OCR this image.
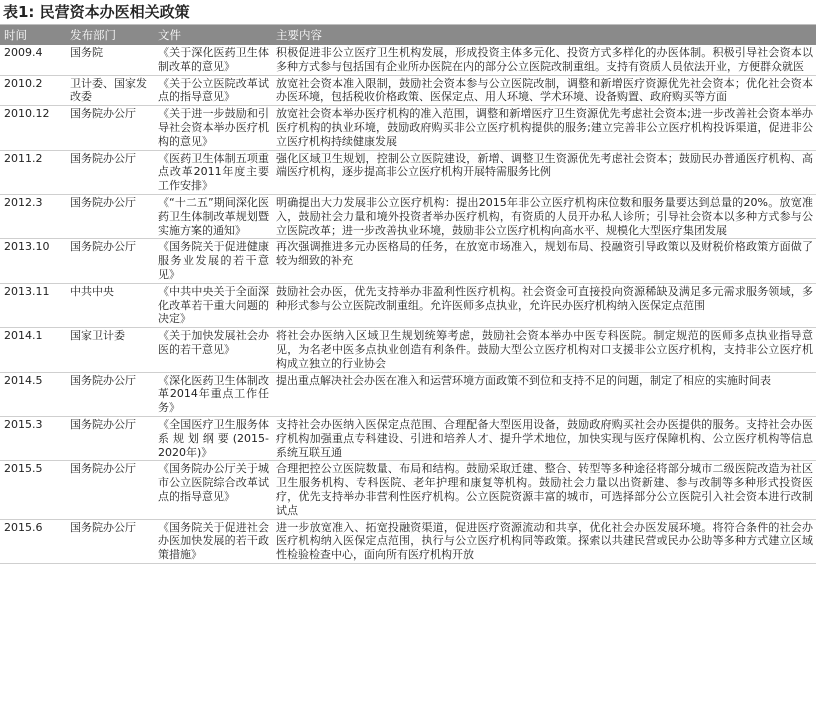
表1: 民营资本办医相关政策
时间	发布部门	文件	主要内容
2009.4	国务院	《关于深化医药卫生体制改革的意见》	积极促进非公立医疗卫生机构发展，形成投资主体多元化、投资方式多样化的办医体制。积极引导社会资本以多种方式参与包括国有企业所办医院在内的部分公立医院改制重组。支持有资质人员依法开业，方便群众就医
2010.2	卫计委、国家发改委	《关于公立医院改革试点的指导意见》	放宽社会资本准入限制，鼓励社会资本参与公立医院改制，调整和新增医疗资源优先社会资本；优化社会资本办医环境，包括税收价格政策、医保定点、用人环境、学术环境、设备购置、政府购买等方面
2010.12	国务院办公厅	《关于进一步鼓励和引导社会资本举办医疗机构的意见》	放宽社会资本举办医疗机构的准入范围，调整和新增医疗卫生资源优先考虑社会资本;进一步改善社会资本举办医疗机构的执业环境，鼓励政府购买非公立医疗机构提供的服务;建立完善非公立医疗机构投诉渠道，促进非公立医疗机构持续健康发展
2011.2	国务院办公厅	《医药卫生体制五项重点改革2011年度主要工作安排》	强化区域卫生规划，控制公立医院建设，新增、调整卫生资源优先考虑社会资本；鼓励民办普通医疗机构、高端医疗机构，逐步提高非公立医疗机构开展特需服务比例
2012.3	国务院办公厅	《“十二五”期间深化医药卫生体制改革规划暨实施方案的通知》	明确提出大力发展非公立医疗机构：提出2015年非公立医疗机构床位数和服务量要达到总量的20%。放宽准入，鼓励社会力量和境外投资者举办医疗机构，有资质的人员开办私人诊所；引导社会资本以多种方式参与公立医院改革；进一步改善执业环境，鼓励非公立医疗机构向高水平、规模化大型医疗集团发展
2013.10	国务院办公厅	《国务院关于促进健康服务业发展的若干意见》	再次强调推进多元办医格局的任务，在放宽市场准入，规划布局、投融资引导政策以及财税价格政策方面做了较为细致的补充
2013.11	中共中央	《中共中央关于全面深化改革若干重大问题的决定》	鼓励社会办医，优先支持举办非盈利性医疗机构。社会资金可直接投向资源稀缺及满足多元需求服务领域，多种形式参与公立医院改制重组。允许医师多点执业，允许民办医疗机构纳入医保定点范围
2014.1	国家卫计委	《关于加快发展社会办医的若干意见》	将社会办医纳入区域卫生规划统筹考虑，鼓励社会资本举办中医专科医院。制定规范的医师多点执业指导意见，为名老中医多点执业创造有利条件。鼓励大型公立医疗机构对口支援非公立医疗机构，支持非公立医疗机构成立独立的行业协会
2014.5	国务院办公厅	《深化医药卫生体制改革2014年重点工作任务》	提出重点解决社会办医在准入和运营环境方面政策不到位和支持不足的问题，制定了相应的实施时间表
2015.3	国务院办公厅	《全国医疗卫生服务体系规划纲要(2015-2020年)》	支持社会办医纳入医保定点范围、合理配备大型医用设备，鼓励政府购买社会办医提供的服务。支持社会办医疗机构加强重点专科建设、引进和培养人才、提升学术地位，加快实现与医疗保障机构、公立医疗机构等信息系统互联互通
2015.5	国务院办公厅	《国务院办公厅关于城市公立医院综合改革试点的指导意见》	合理把控公立医院数量、布局和结构。鼓励采取迁建、整合、转型等多种途径将部分城市二级医院改造为社区卫生服务机构、专科医院、老年护理和康复等机构。鼓励社会力量以出资新建、参与改制等多种形式投资医疗，优先支持举办非营利性医疗机构。公立医院资源丰富的城市，可选择部分公立医院引入社会资本进行改制试点
2015.6	国务院办公厅	《国务院关于促进社会办医加快发展的若干政策措施》	进一步放宽准入、拓宽投融资渠道，促进医疗资源流动和共享，优化社会办医发展环境。将符合条件的社会办医疗机构纳入医保定点范围，执行与公立医疗机构同等政策。探索以共建民营或民办公助等多种方式建立区域性检验检查中心，面向所有医疗机构开放
